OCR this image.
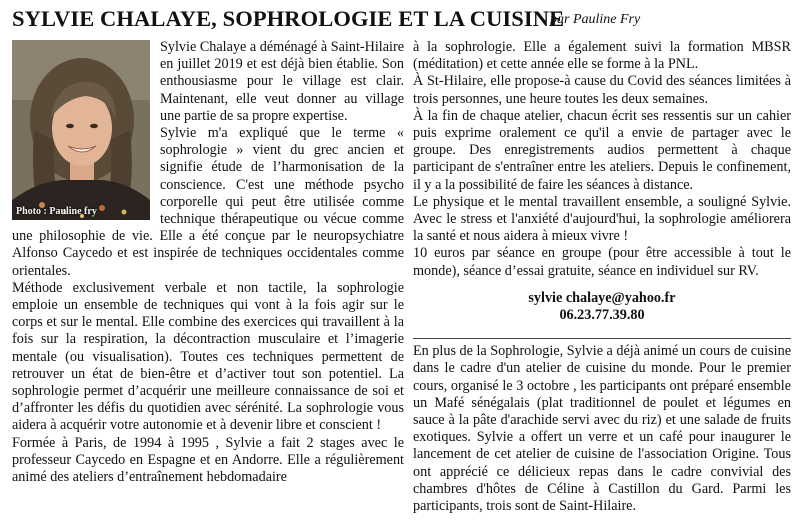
SYLVIE CHALAYE, SOPHROLOGIE ET LA CUISINE
par Pauline Fry
Photo : Pauline fry

Sylvie Chalaye a déménagé à Saint-Hilaire en juillet 2019 et est déjà bien établie. Son enthousiasme pour le village est clair. Maintenant, elle veut donner au village une partie de sa propre expertise.

Sylvie m'a expliqué que le terme « sophrologie » vient du grec ancien et signifie étude de l’harmonisation de la conscience. C'est une méthode psycho corporelle qui peut être utilisée comme technique thérapeutique ou vécue comme une philosophie de vie. Elle a été conçue par le neuropsychiatre Alfonso Caycedo et est inspirée de techniques occidentales comme orientales.

Méthode exclusivement verbale et non tactile, la sophrologie emploie un ensemble de techniques qui vont à la fois agir sur le corps et sur le mental. Elle combine des exercices qui travaillent à la fois sur la respiration, la décontraction musculaire et l’imagerie mentale (ou visualisation). Toutes ces techniques permettent de retrouver un état de bien-être et d’activer tout son potentiel. La sophrologie permet d’acquérir une meilleure connaissance de soi et d’affronter les défis du quotidien avec sérénité. La sophrologie vous aidera à acquérir votre autonomie et à devenir libre et conscient !

Formée à Paris, de 1994 à 1995 , Sylvie a fait 2 stages avec le professeur Caycedo en Espagne et en Andorre. Elle a régulièrement animé des ateliers d’entraînement hebdomadaire

à la sophrologie. Elle a également suivi la formation MBSR (méditation) et cette année elle se forme à la PNL.

À St-Hilaire, elle propose-à cause du Covid des séances limitées à trois personnes, une heure toutes les deux semaines.

À la fin de chaque atelier, chacun écrit ses ressentis sur un cahier puis exprime oralement ce qu'il a envie de partager avec le groupe. Des enregistrements audios permettent à chaque participant de s'entraîner entre les ateliers. Depuis le confinement, il y a la possibilité de faire les séances à distance.

Le physique et le mental travaillent ensemble, a souligné Sylvie. Avec le stress et l'anxiété d'aujourd'hui, la sophrologie améliorera la santé et nous aidera à mieux vivre !

10 euros par séance en groupe (pour être accessible à tout le monde), séance d’essai gratuite, séance en individuel sur RV.

sylvie chalaye@yahoo.fr
06.23.77.39.80

En plus de la Sophrologie, Sylvie a déjà animé un cours de cuisine dans le cadre d'un atelier de cuisine du monde. Pour le premier cours, organisé le 3 octobre , les participants ont préparé ensemble un Mafé sénégalais (plat traditionnel de poulet et légumes en sauce à la pâte d'arachide servi avec du riz) et une salade de fruits exotiques. Sylvie a offert un verre et un café pour inaugurer le lancement de cet atelier de cuisine de l'association Origine. Tous ont apprécié ce délicieux repas dans le cadre convivial des chambres d'hôtes de Céline à Castillon du Gard. Parmi les participants, trois sont de Saint-Hilaire.
